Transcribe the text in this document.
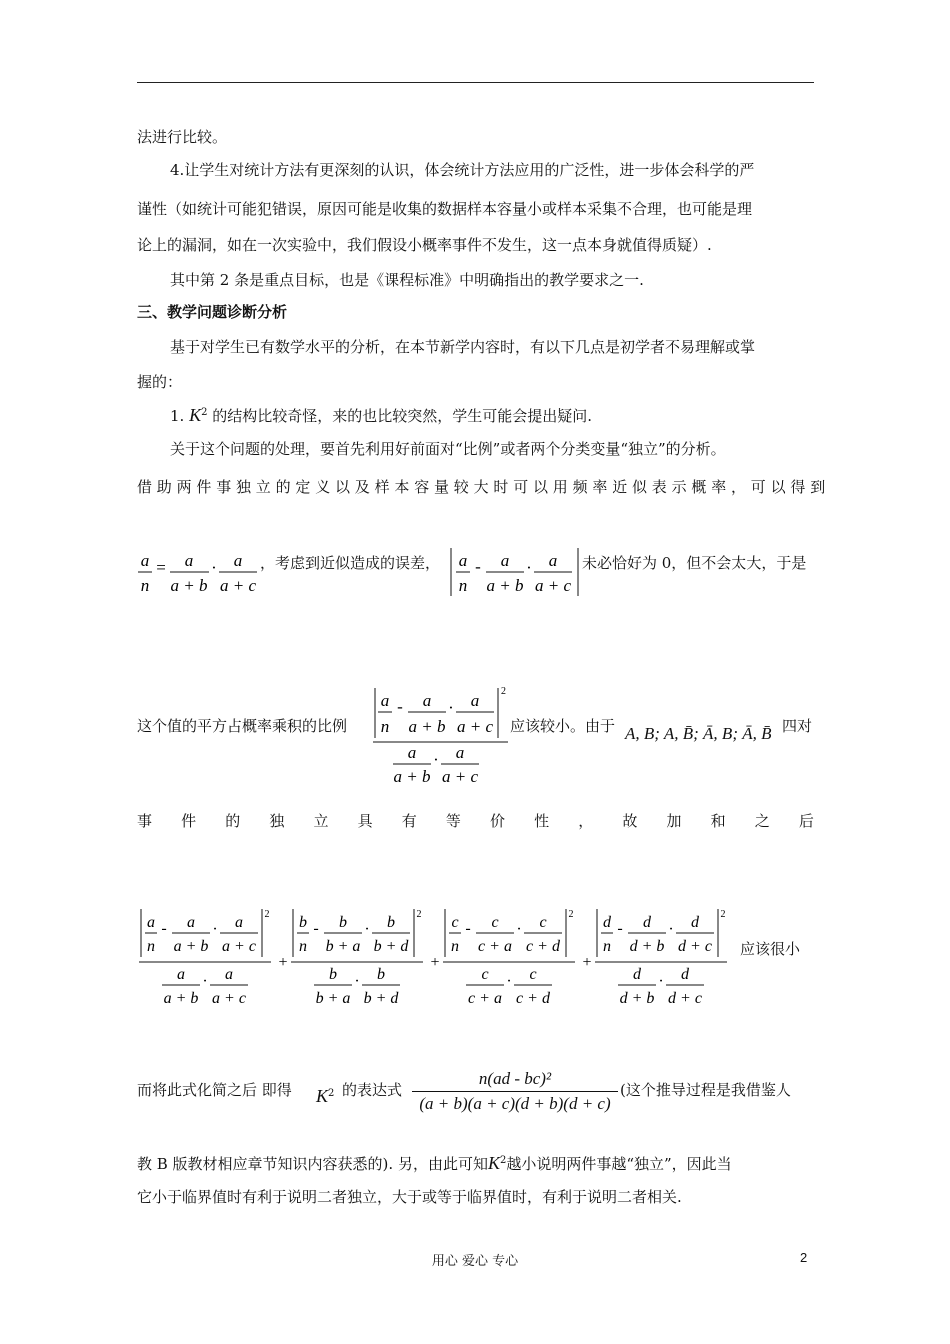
法进行比较。
4.让学生对统计方法有更深刻的认识，体会统计方法应用的广泛性，进一步体会科学的严
谨性（如统计可能犯错误，原因可能是收集的数据样本容量小或样本采集不合理，也可能是理
论上的漏洞，如在一次实验中，我们假设小概率事件不发生，这一点本身就值得质疑）.
其中第 2 条是重点目标，也是《课程标准》中明确指出的教学要求之一.
三、教学问题诊断分析
基于对学生已有数学水平的分析，在本节新学内容时，有以下几点是初学者不易理解或掌
握的：
1. $K^2$ 的结构比较奇怪，来的也比较突然，学生可能会提出疑问.
关于这个问题的处理，要首先利用好前面对“比例”或者两个分类变量“独立”的分析。
借助两件事独立的定义以及样本容量较大时可以用频率近似表示概率，可以得到
a
n
= a
a + b
· a
a + c
，考虑到近似造成的误差，	a
n
- a
a + b
· a
a + c
未必恰好为 0，但不会太大，于是
这个值的平方占概率乘积的比例
a
n
- a
a + b
· a
a + c
2
a
a + b
· a
a + c
应该较小。由于 A, B; A, B̄; Ā, B; Ā, B̄ 四对
事 件 的 独 立 具 有 等 价 性 ， 故 加 和 之 后
a
n
- a
a + b
· a
a + c
2
a
a + b
· a
a + c
+
b
n
- b
b + a
· b
b + d
2
b
b + a
· b
b + d
+
c
n
- c
c + a
· c
c + d
2
c
c + a
· c
c + d
+
d
n
- d
d + b
· d
d + c
2
d
d + b
· d
d + c
应该很小
而将此式化简之后 即得	$K^2$ 的表达式
n(ad - bc)²
(a + b)(a + c)(d + b)(d + c)
(这个推导过程是我借鉴人
教 B 版教材相应章节知识内容获悉的). 另，由此可知$K^2$越小说明两件事越“独立”，因此当
它小于临界值时有利于说明二者独立，大于或等于临界值时，有利于说明二者相关.
用心 爱心 专心	2
